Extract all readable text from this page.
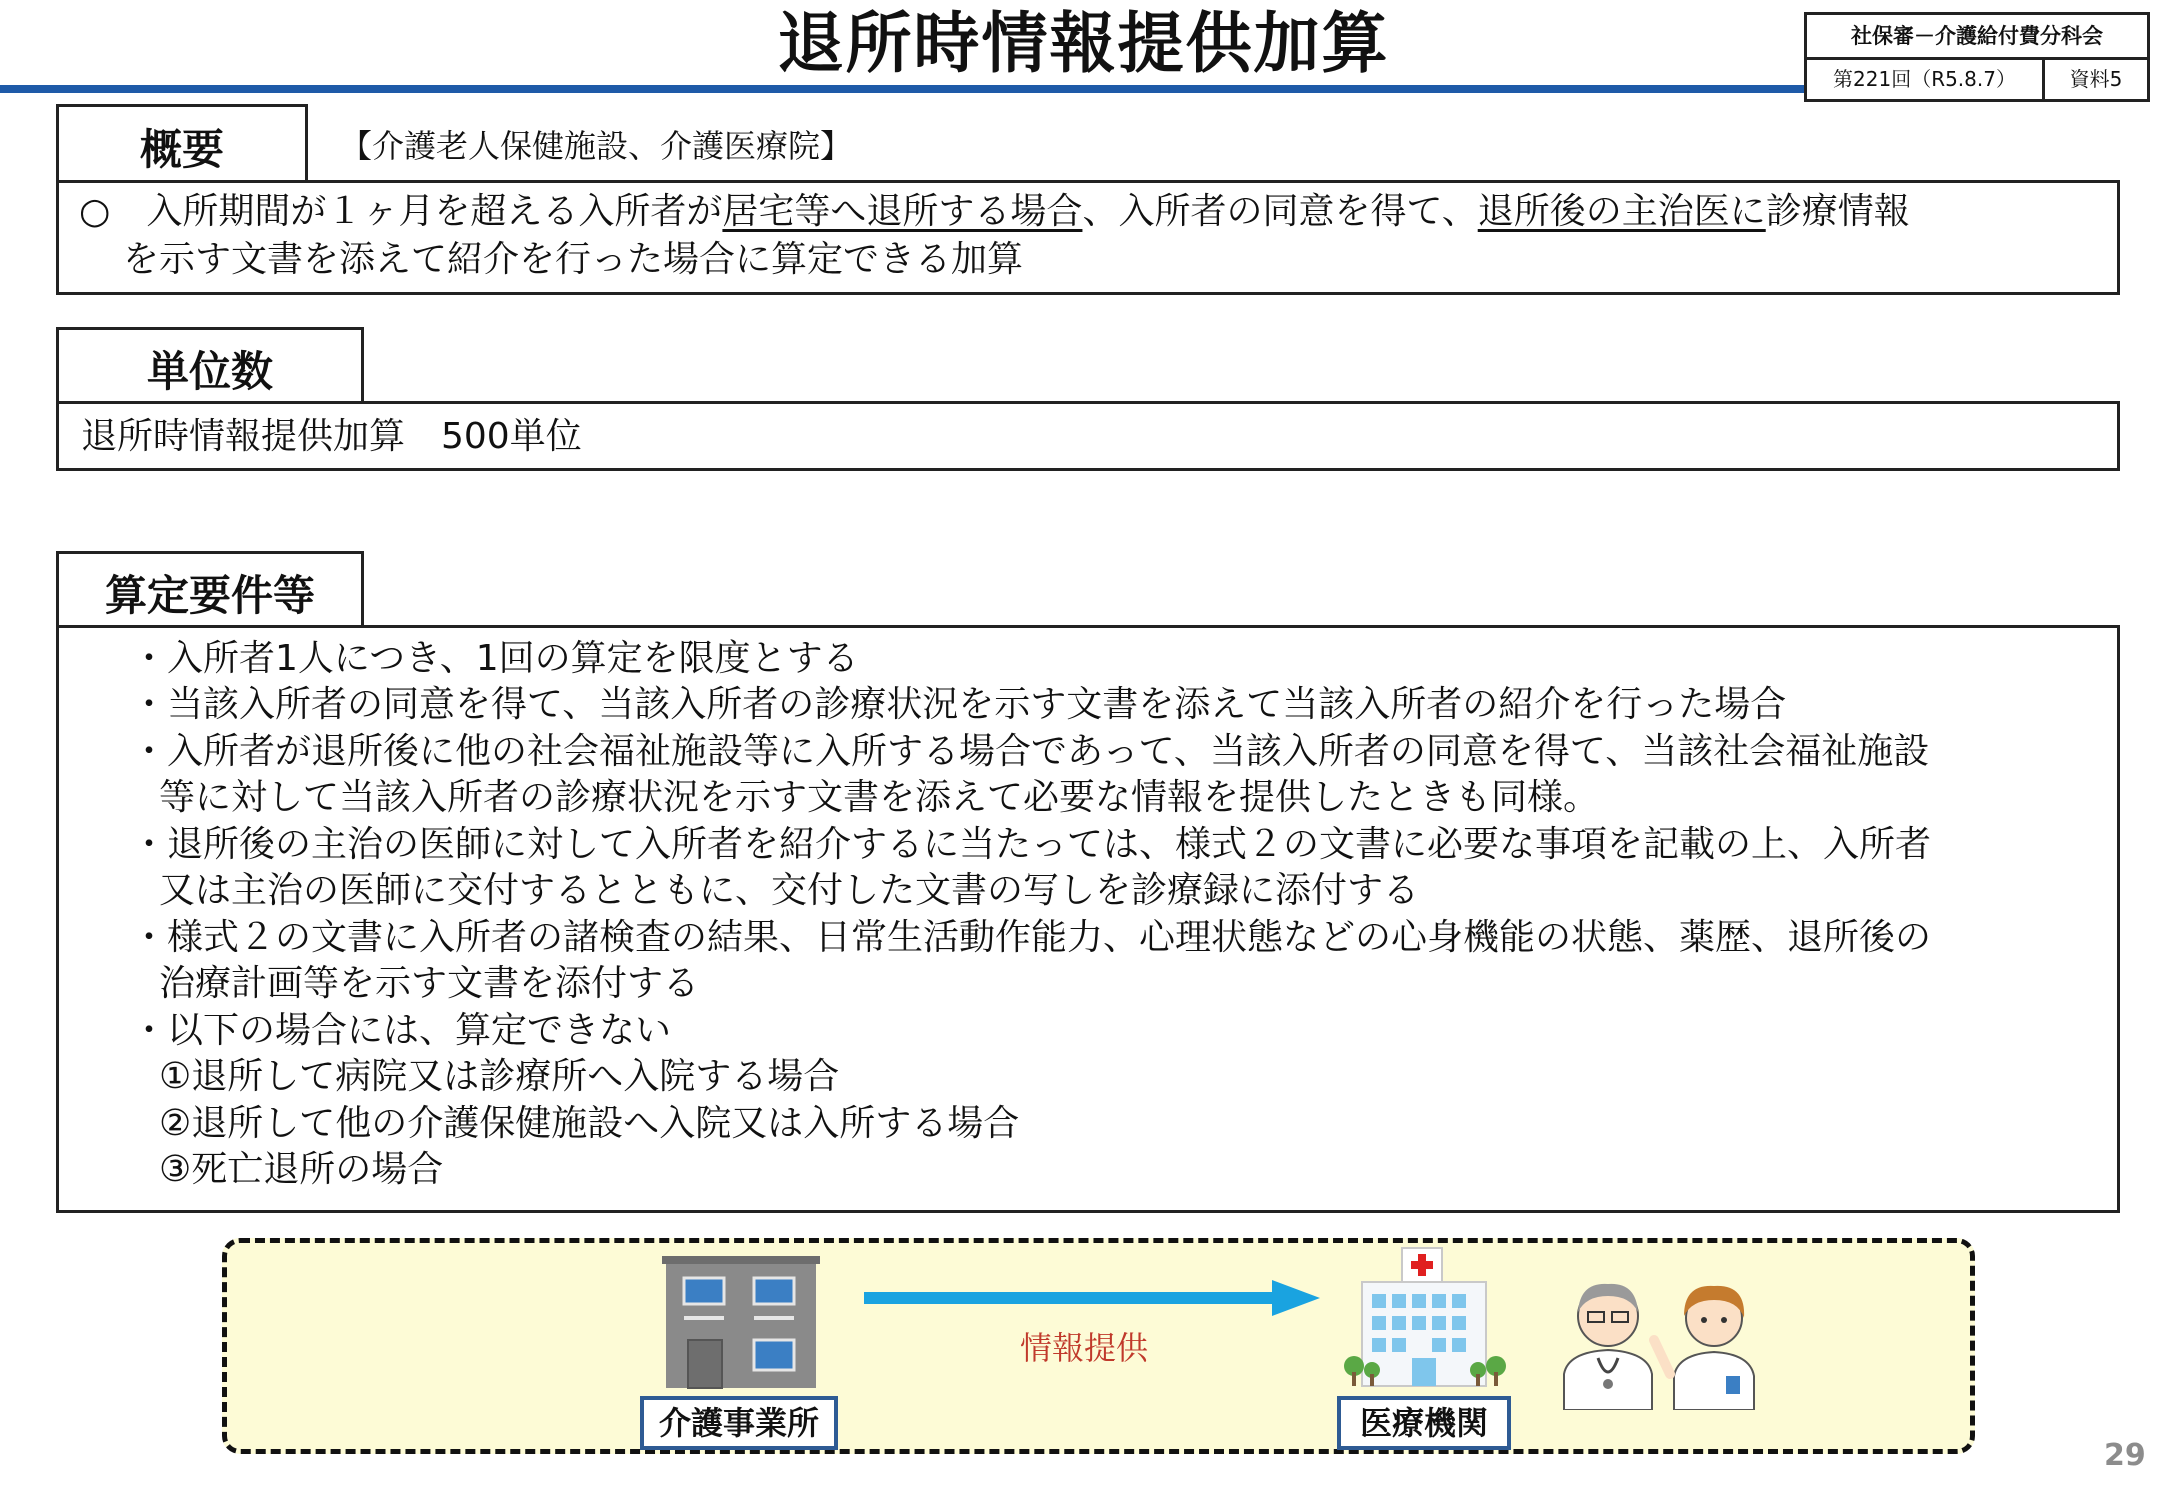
退所時情報提供加算	社保審－介護給付費分科会
第221回（R5.8.7）	資料5
概要	【介護老人保健施設、介護医療院】
○　入所期間が１ヶ月を超える入所者が居宅等へ退所する場合、入所者の同意を得て、退所後の主治医に診療情報
を示す文書を添えて紹介を行った場合に算定できる加算
単位数
退所時情報提供加算　500単位
算定要件等
・入所者1人につき、1回の算定を限度とする
・当該入所者の同意を得て、当該入所者の診療状況を示す文書を添えて当該入所者の紹介を行った場合
・入所者が退所後に他の社会福祉施設等に入所する場合であって、当該入所者の同意を得て、当該社会福祉施設
等に対して当該入所者の診療状況を示す文書を添えて必要な情報を提供したときも同様。
・退所後の主治の医師に対して入所者を紹介するに当たっては、様式２の文書に必要な事項を記載の上、入所者
又は主治の医師に交付するとともに、交付した文書の写しを診療録に添付する
・様式２の文書に入所者の諸検査の結果、日常生活動作能力、心理状態などの心身機能の状態、薬歴、退所後の
治療計画等を示す文書を添付する
・以下の場合には、算定できない
①退所して病院又は診療所へ入院する場合
②退所して他の介護保健施設へ入院又は入所する場合
③死亡退所の場合
情報提供
介護事業所	医療機関
29
